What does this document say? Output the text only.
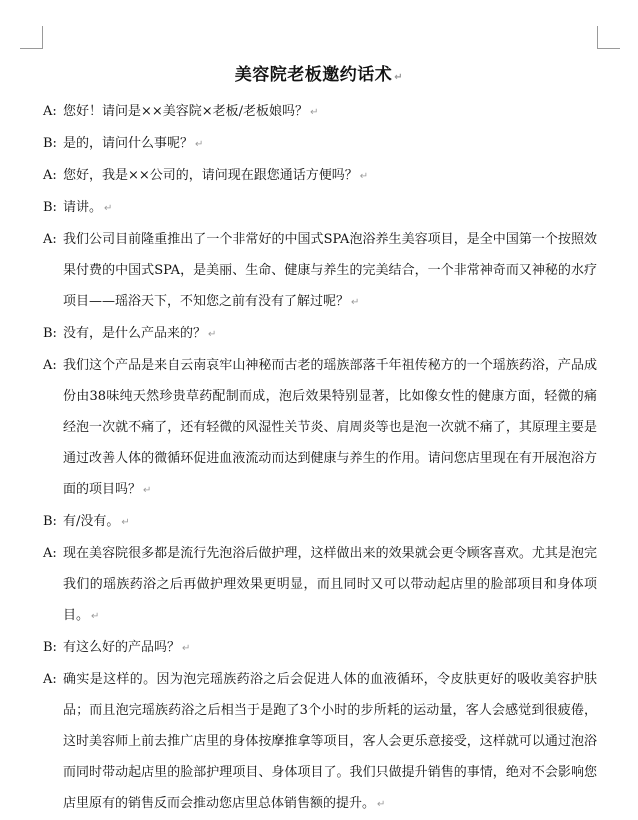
美容院老板邀约话术 ↵
A: 您好！请问是××美容院×老板/老板娘吗？ ↵
B: 是的，请问什么事呢？ ↵
A: 您好，我是××公司的，请问现在跟您通话方便吗？ ↵
B: 请讲。 ↵
A: 我们公司目前隆重推出了一个非常好的中国式SPA泡浴养生美容项目，是全中国第一个按照效果付费的中国式SPA，是美丽、生命、健康与养生的完美结合，一个非常神奇而又神秘的水疗项目——瑶浴天下，不知您之前有没有了解过呢？ ↵
B: 没有，是什么产品来的？ ↵
A: 我们这个产品是来自云南哀牢山神秘而古老的瑶族部落千年祖传秘方的一个瑶族药浴，产品成份由38味纯天然珍贵草药配制而成，泡后效果特别显著，比如像女性的健康方面，轻微的痛经泡一次就不痛了，还有轻微的风湿性关节炎、肩周炎等也是泡一次就不痛了，其原理主要是通过改善人体的微循环促进血液流动而达到健康与养生的作用。请问您店里现在有开展泡浴方面的项目吗？ ↵
B: 有/没有。 ↵
A: 现在美容院很多都是流行先泡浴后做护理，这样做出来的效果就会更令顾客喜欢。尤其是泡完我们的瑶族药浴之后再做护理效果更明显，而且同时又可以带动起店里的脸部项目和身体项目。 ↵
B: 有这么好的产品吗？ ↵
A: 确实是这样的。因为泡完瑶族药浴之后会促进人体的血液循环，令皮肤更好的吸收美容护肤品；而且泡完瑶族药浴之后相当于是跑了3个小时的步所耗的运动量，客人会感觉到很疲倦，这时美容师上前去推广店里的身体按摩推拿等项目，客人会更乐意接受，这样就可以通过泡浴而同时带动起店里的脸部护理项目、身体项目了。我们只做提升销售的事情，绝对不会影响您店里原有的销售反而会推动您店里总体销售额的提升。 ↵
